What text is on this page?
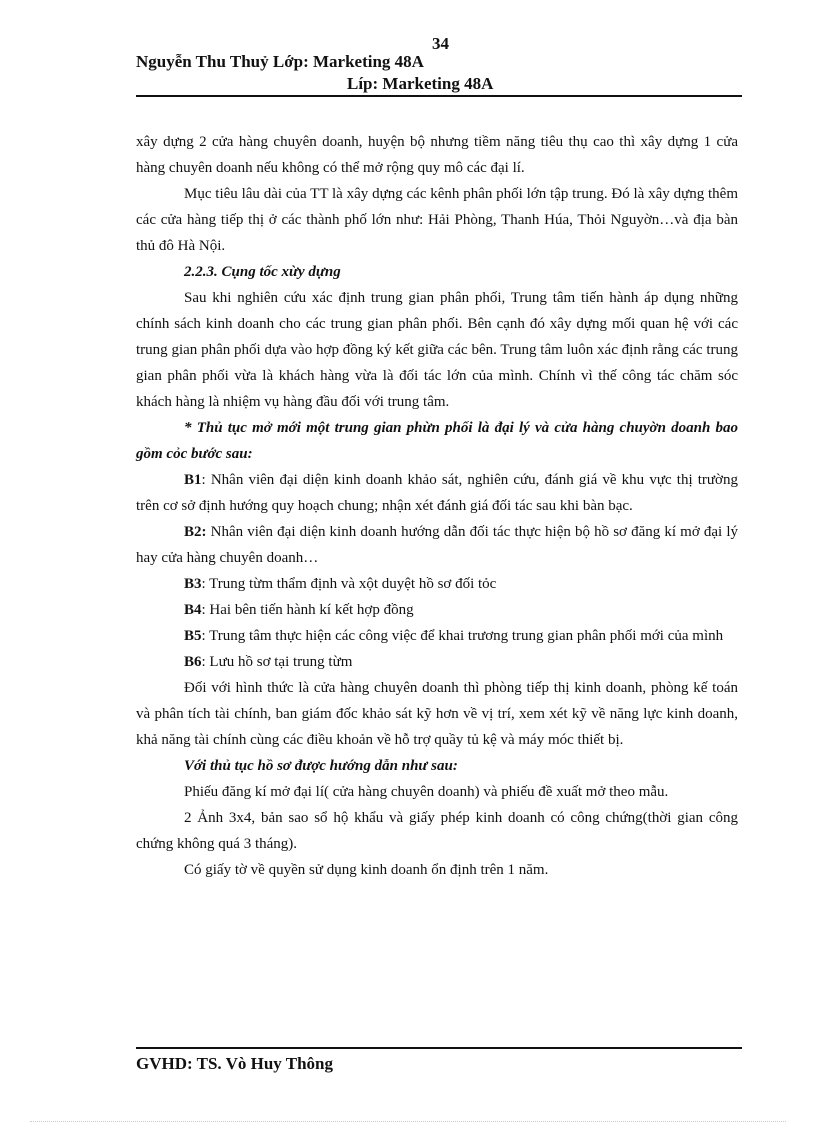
34
Nguyễn Thu Thuỷ Lớp: Marketing 48A
Líp: Marketing 48A

xây dựng 2 cửa hàng chuyên doanh, huyện bộ nhưng tiềm năng tiêu thụ cao thì xây dựng 1 cửa hàng chuyên doanh nếu không có thể mở rộng quy mô các đại lí.

Mục tiêu lâu dài của TT là xây dựng các kênh phân phối lớn tập trung. Đó là xây dựng thêm các cửa hàng tiếp thị ở các thành phố lớn như: Hải Phòng, Thanh Húa, Thỏi Nguyờn…và địa bàn thủ đô Hà Nội.

2.2.3. Cụng tốc xừy dựng

Sau khi nghiên cứu xác định trung gian phân phối, Trung tâm tiến hành áp dụng những chính sách kinh doanh cho các trung gian phân phối. Bên cạnh đó xây dựng mối quan hệ với các trung gian phân phối dựa vào hợp đồng ký kết giữa các bên. Trung tâm luôn xác định rằng các trung gian phân phối vừa là khách hàng vừa là đối tác lớn của mình. Chính vì thế công tác chăm sóc khách hàng là nhiệm vụ hàng đầu đối với trung tâm.

* Thủ tục mở mới một trung gian phừn phối là đại lý và cửa hàng chuyờn doanh bao gồm cỏc bước sau:

B1: Nhân viên đại diện kinh doanh khảo sát, nghiên cứu, đánh giá về khu vực thị trường trên cơ sở định hướng quy hoạch chung; nhận xét đánh giá đối tác sau khi bàn bạc.

B2: Nhân viên đại diện kinh doanh hướng dẫn đối tác thực hiện bộ hồ sơ đăng kí mở đại lý hay cửa hàng chuyên doanh…

B3: Trung từm thẩm định và xột duyệt hồ sơ đối tỏc

B4: Hai bên tiến hành kí kết hợp đồng

B5: Trung tâm thực hiện các công việc để khai trương trung gian phân phối mới của mình

B6: Lưu hồ sơ tại trung từm

Đối với hình thức là cửa hàng chuyên doanh thì phòng tiếp thị kinh doanh, phòng kế toán và phân tích tài chính, ban giám đốc khảo sát kỹ hơn về vị trí, xem xét kỹ về năng lực kinh doanh, khả năng tài chính cùng các điều khoản về hỗ trợ quầy tủ kệ và máy móc thiết bị.

Với thủ tục hồ sơ được hướng dẫn như sau:

Phiếu đăng kí mở đại lí( cửa hàng chuyên doanh) và phiếu đề xuất mở theo mẫu.

2 Ảnh 3x4, bản sao sổ hộ khẩu và giấy phép kinh doanh có công chứng(thời gian công chứng không quá 3 tháng).

Có giấy tờ về quyền sử dụng kinh doanh ổn định trên 1 năm.

GVHD: TS. Vò Huy Thông
